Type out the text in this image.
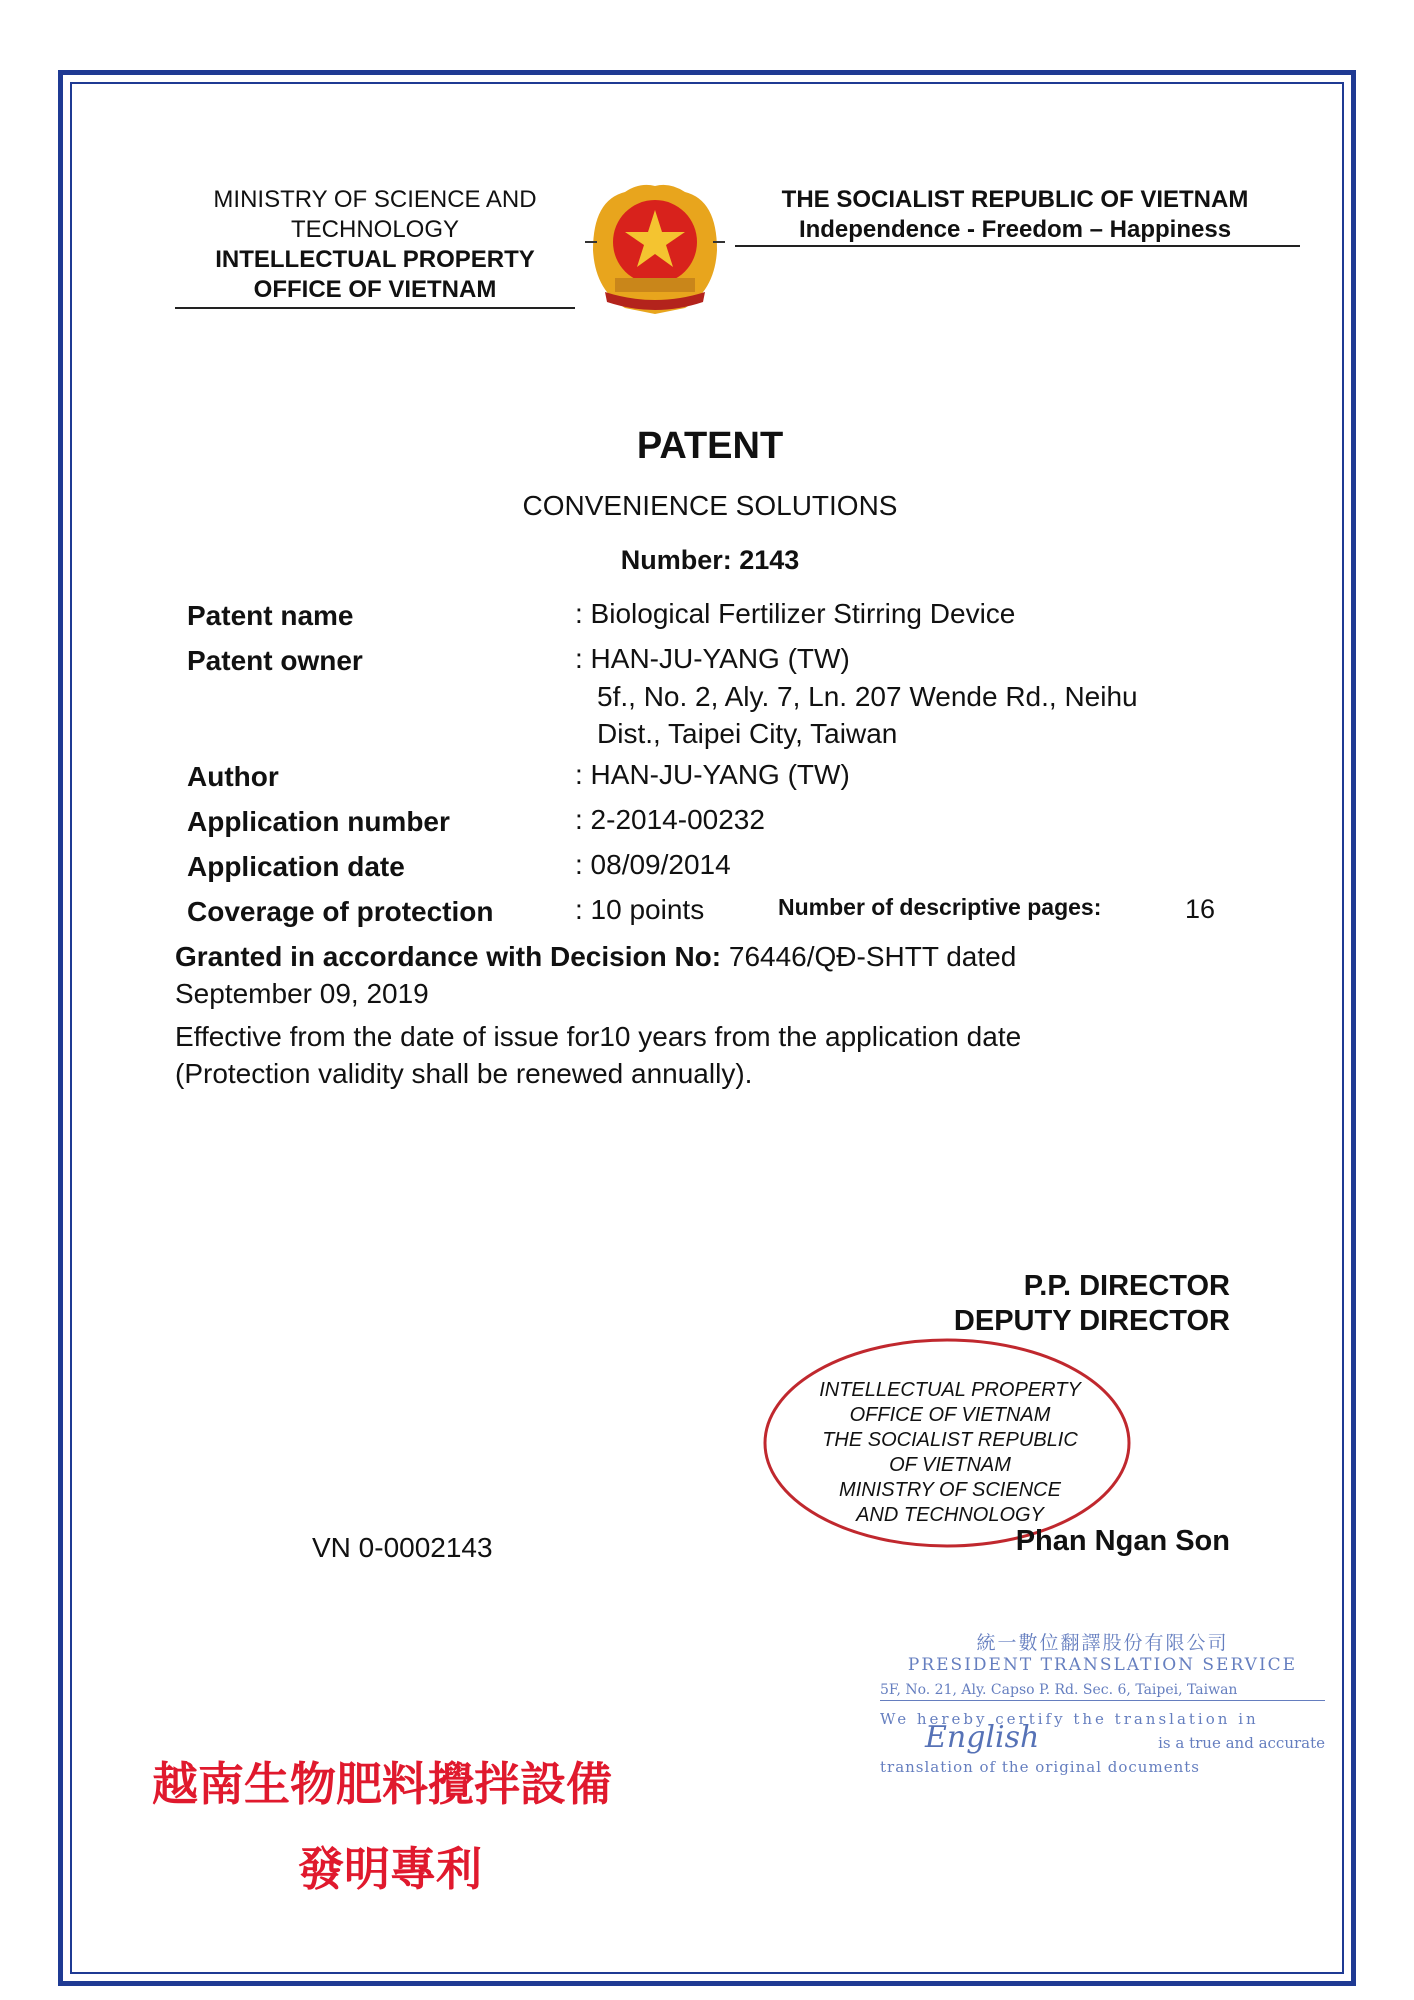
MINISTRY OF SCIENCE AND
TECHNOLOGY
INTELLECTUAL PROPERTY
OFFICE OF VIETNAM
THE SOCIALIST REPUBLIC OF VIETNAM
Independence - Freedom – Happiness
PATENT
CONVENIENCE SOLUTIONS
Number: 2143
Patent name	: Biological Fertilizer Stirring Device
Patent owner	: HAN-JU-YANG (TW)
5f., No. 2, Aly. 7, Ln. 207 Wende Rd., Neihu
Dist., Taipei City, Taiwan
Author	: HAN-JU-YANG (TW)
Application number	: 2-2014-00232
Application date	: 08/09/2014
Coverage of protection	: 10 points	Number of descriptive pages:	16
Granted in accordance with Decision No: 76446/QĐ-SHTT dated
September 09, 2019
Effective from the date of issue for10 years from the application date
(Protection validity shall be renewed annually).
P.P. DIRECTOR
DEPUTY DIRECTOR
INTELLECTUAL PROPERTY
OFFICE OF VIETNAM
THE SOCIALIST REPUBLIC
OF VIETNAM
MINISTRY OF SCIENCE
AND TECHNOLOGY
Phan Ngan Son
VN 0-0002143
統一數位翻譯股份有限公司
PRESIDENT TRANSLATION SERVICE
5F, No. 21, Aly. Capso P. Rd. Sec. 6, Taipei, Taiwan
We hereby certify the translation in
is a true and accurate
translation of the original documents
English
越南生物肥料攪拌設備
發明專利
